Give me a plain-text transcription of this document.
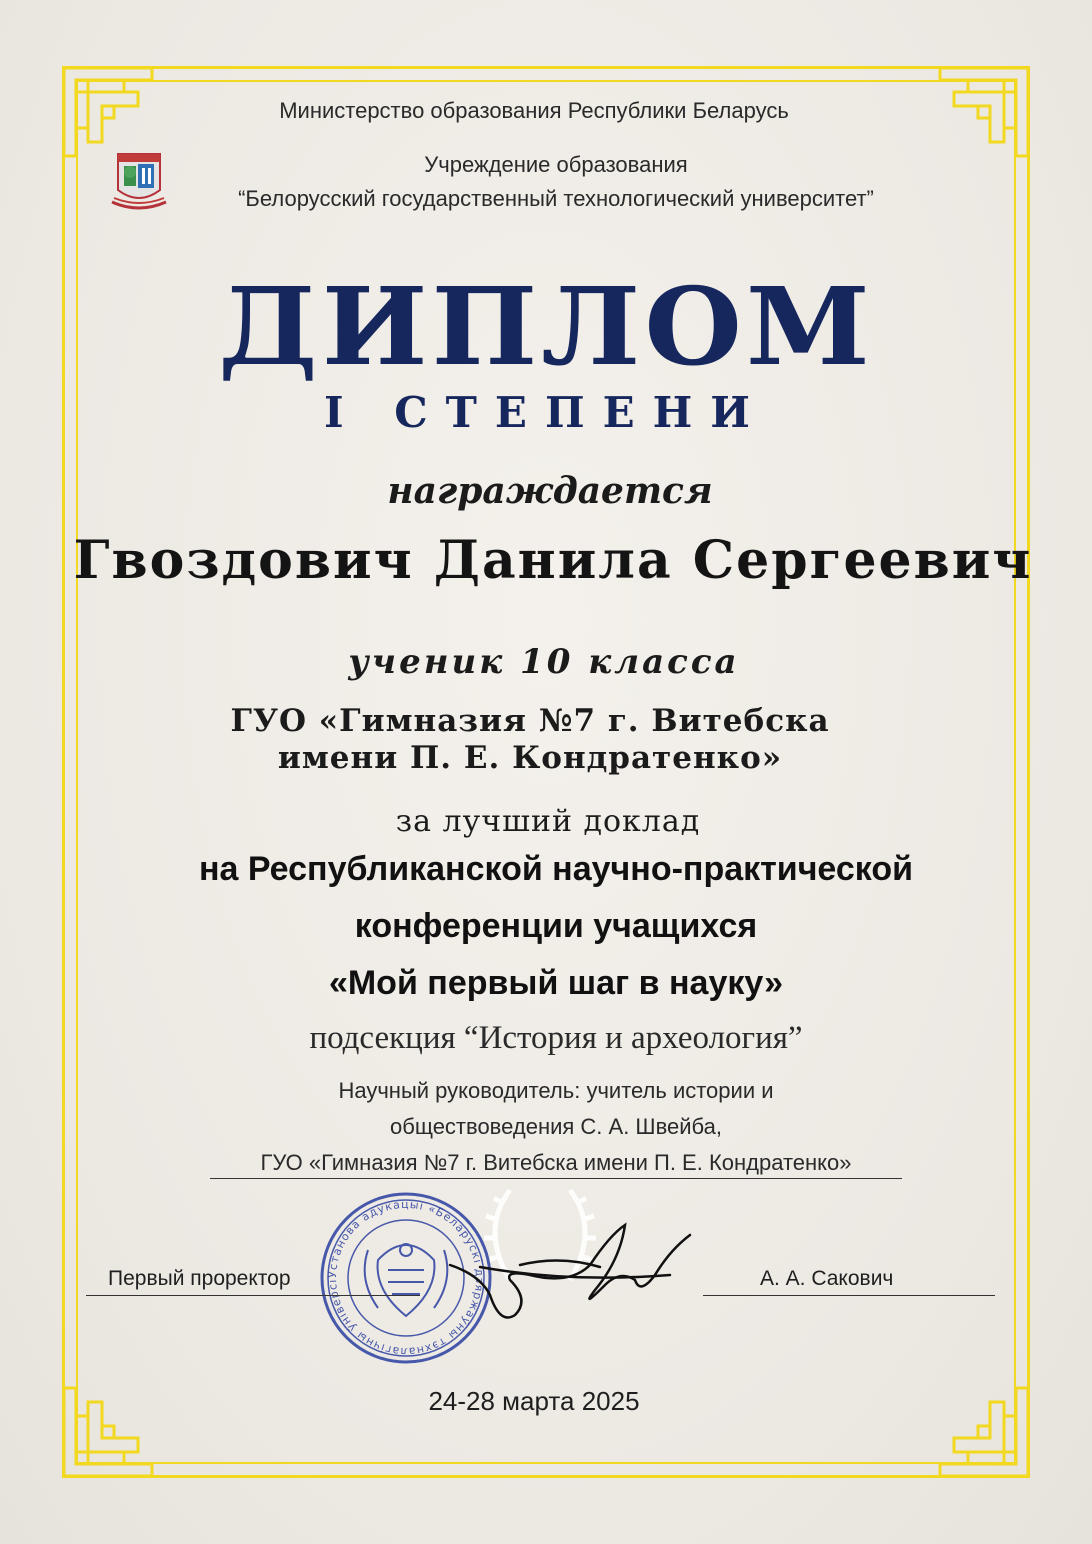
Министерство образования Республики Беларусь
Учреждение образования
“Белорусский государственный технологический университет”
ДИПЛОМ
I СТЕПЕНИ
награждается
Гвоздович Данила Сергеевич
ученик 10 класса
ГУО «Гимназия №7 г. Витебска
имени П. Е. Кондратенко»
за лучший доклад
на Республиканской научно-практической
конференции учащихся
«Мой первый шаг в науку»
подсекция “История и археология”
Научный руководитель: учитель истории и
обществоведения С. А. Швейба,
ГУО «Гимназия №7 г. Витебска имени П. Е. Кондратенко»
Установа адукацыі «Беларускі дзяржаўны тэхналагічны ўніверсі
Первый проректор	А. А. Сакович
24-28 марта 2025
